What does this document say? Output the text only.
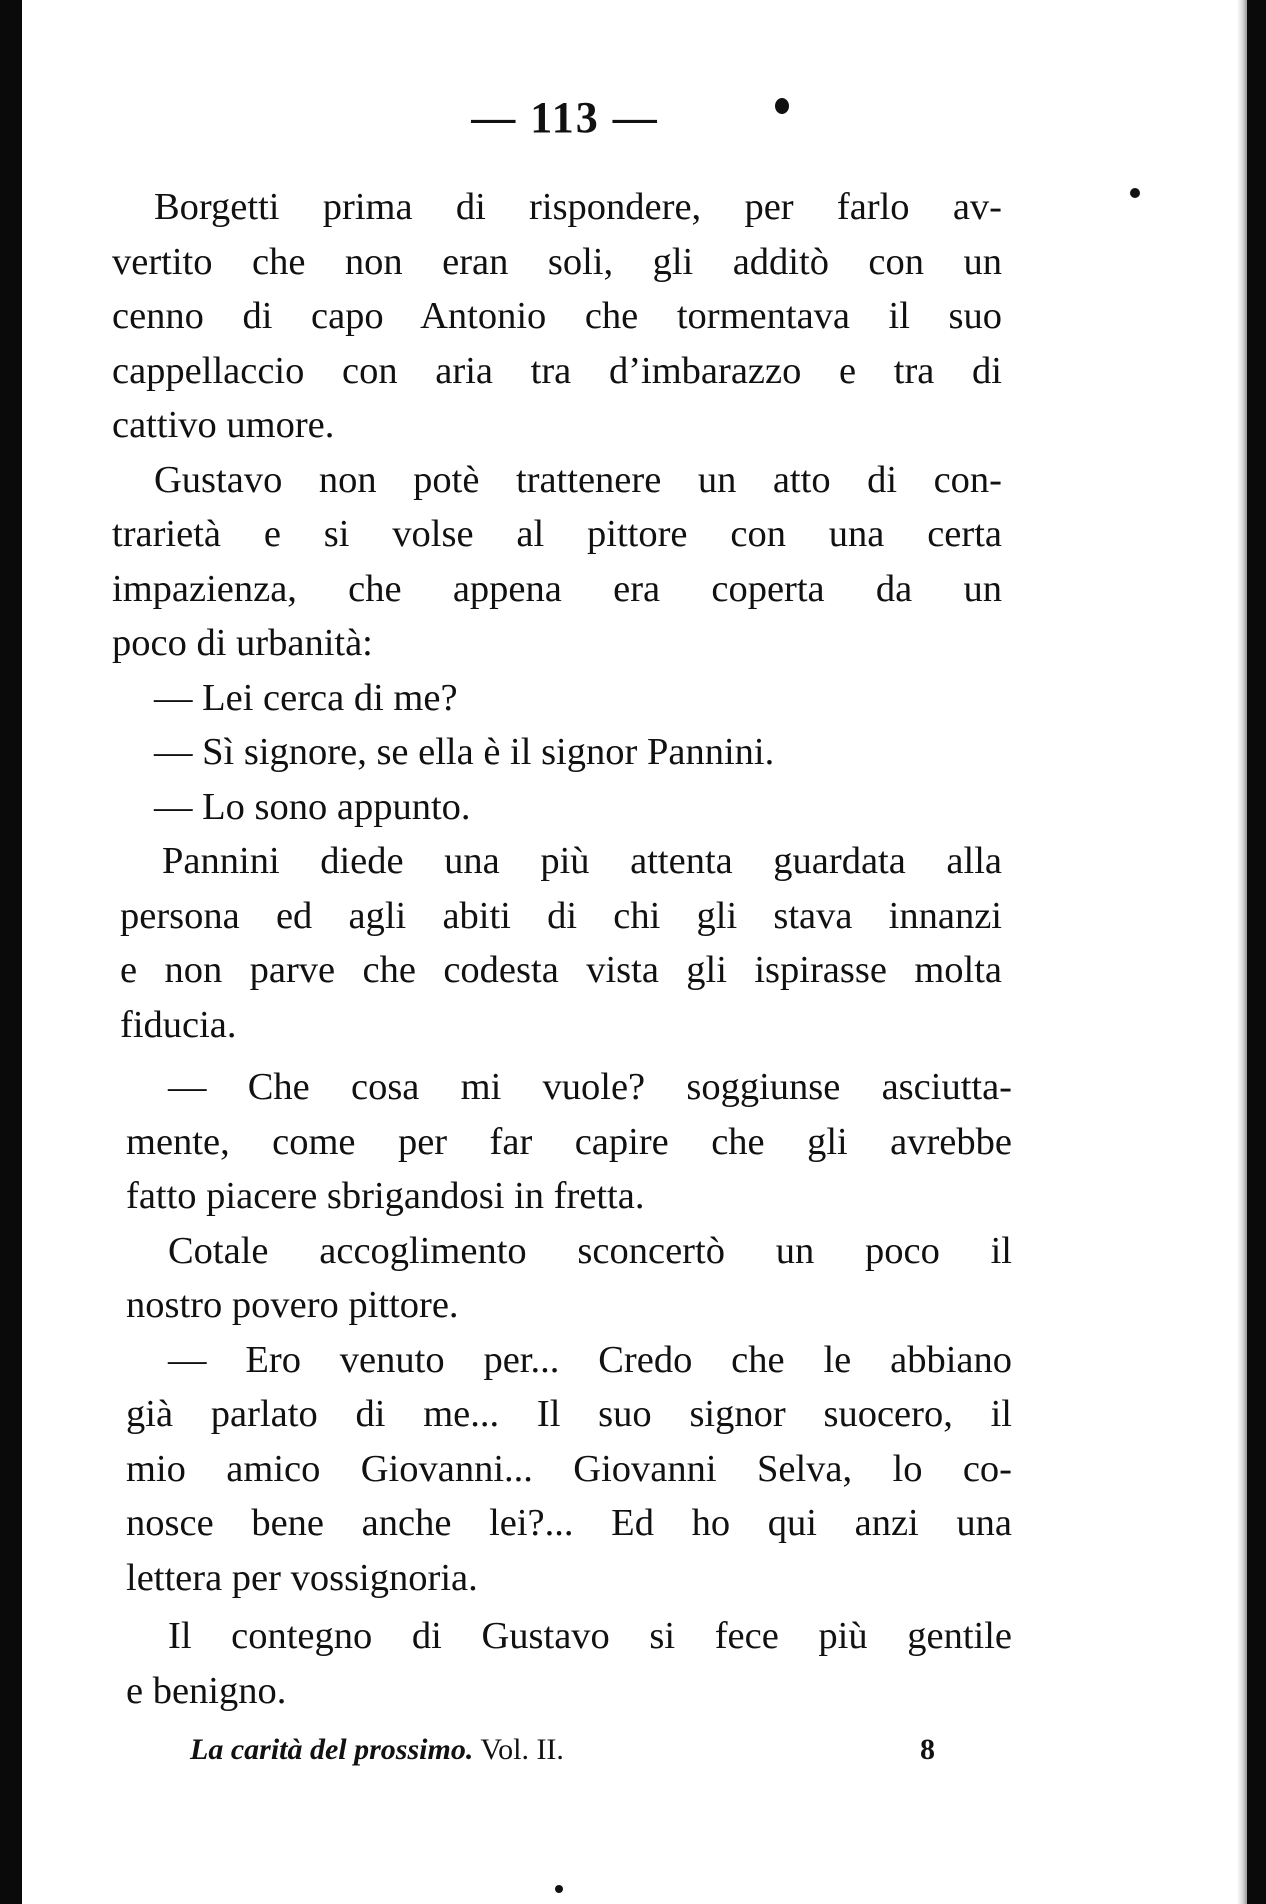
— 113 —
Borgetti prima di rispondere, per farlo av-
vertito che non eran soli, gli additò con un
cenno di capo Antonio che tormentava il suo
cappellaccio con aria tra d’imbarazzo e tra di
cattivo umore.
Gustavo non potè trattenere un atto di con-
trarietà e si volse al pittore con una certa
impazienza, che appena era coperta da un
poco di urbanità:
— Lei cerca di me?
— Sì signore, se ella è il signor Pannini.
— Lo sono appunto.
Pannini diede una più attenta guardata alla
persona ed agli abiti di chi gli stava innanzi
e non parve che codesta vista gli ispirasse molta
fiducia.
— Che cosa mi vuole? soggiunse asciutta-
mente, come per far capire che gli avrebbe
fatto piacere sbrigandosi in fretta.
Cotale accoglimento sconcertò un poco il
nostro povero pittore.
— Ero venuto per... Credo che le abbiano
già parlato di me... Il suo signor suocero, il
mio amico Giovanni... Giovanni Selva, lo co-
nosce bene anche lei?... Ed ho qui anzi una
lettera per vossignoria.
Il contegno di Gustavo si fece più gentile
e benigno.
La carità del prossimo. Vol. II.	8
